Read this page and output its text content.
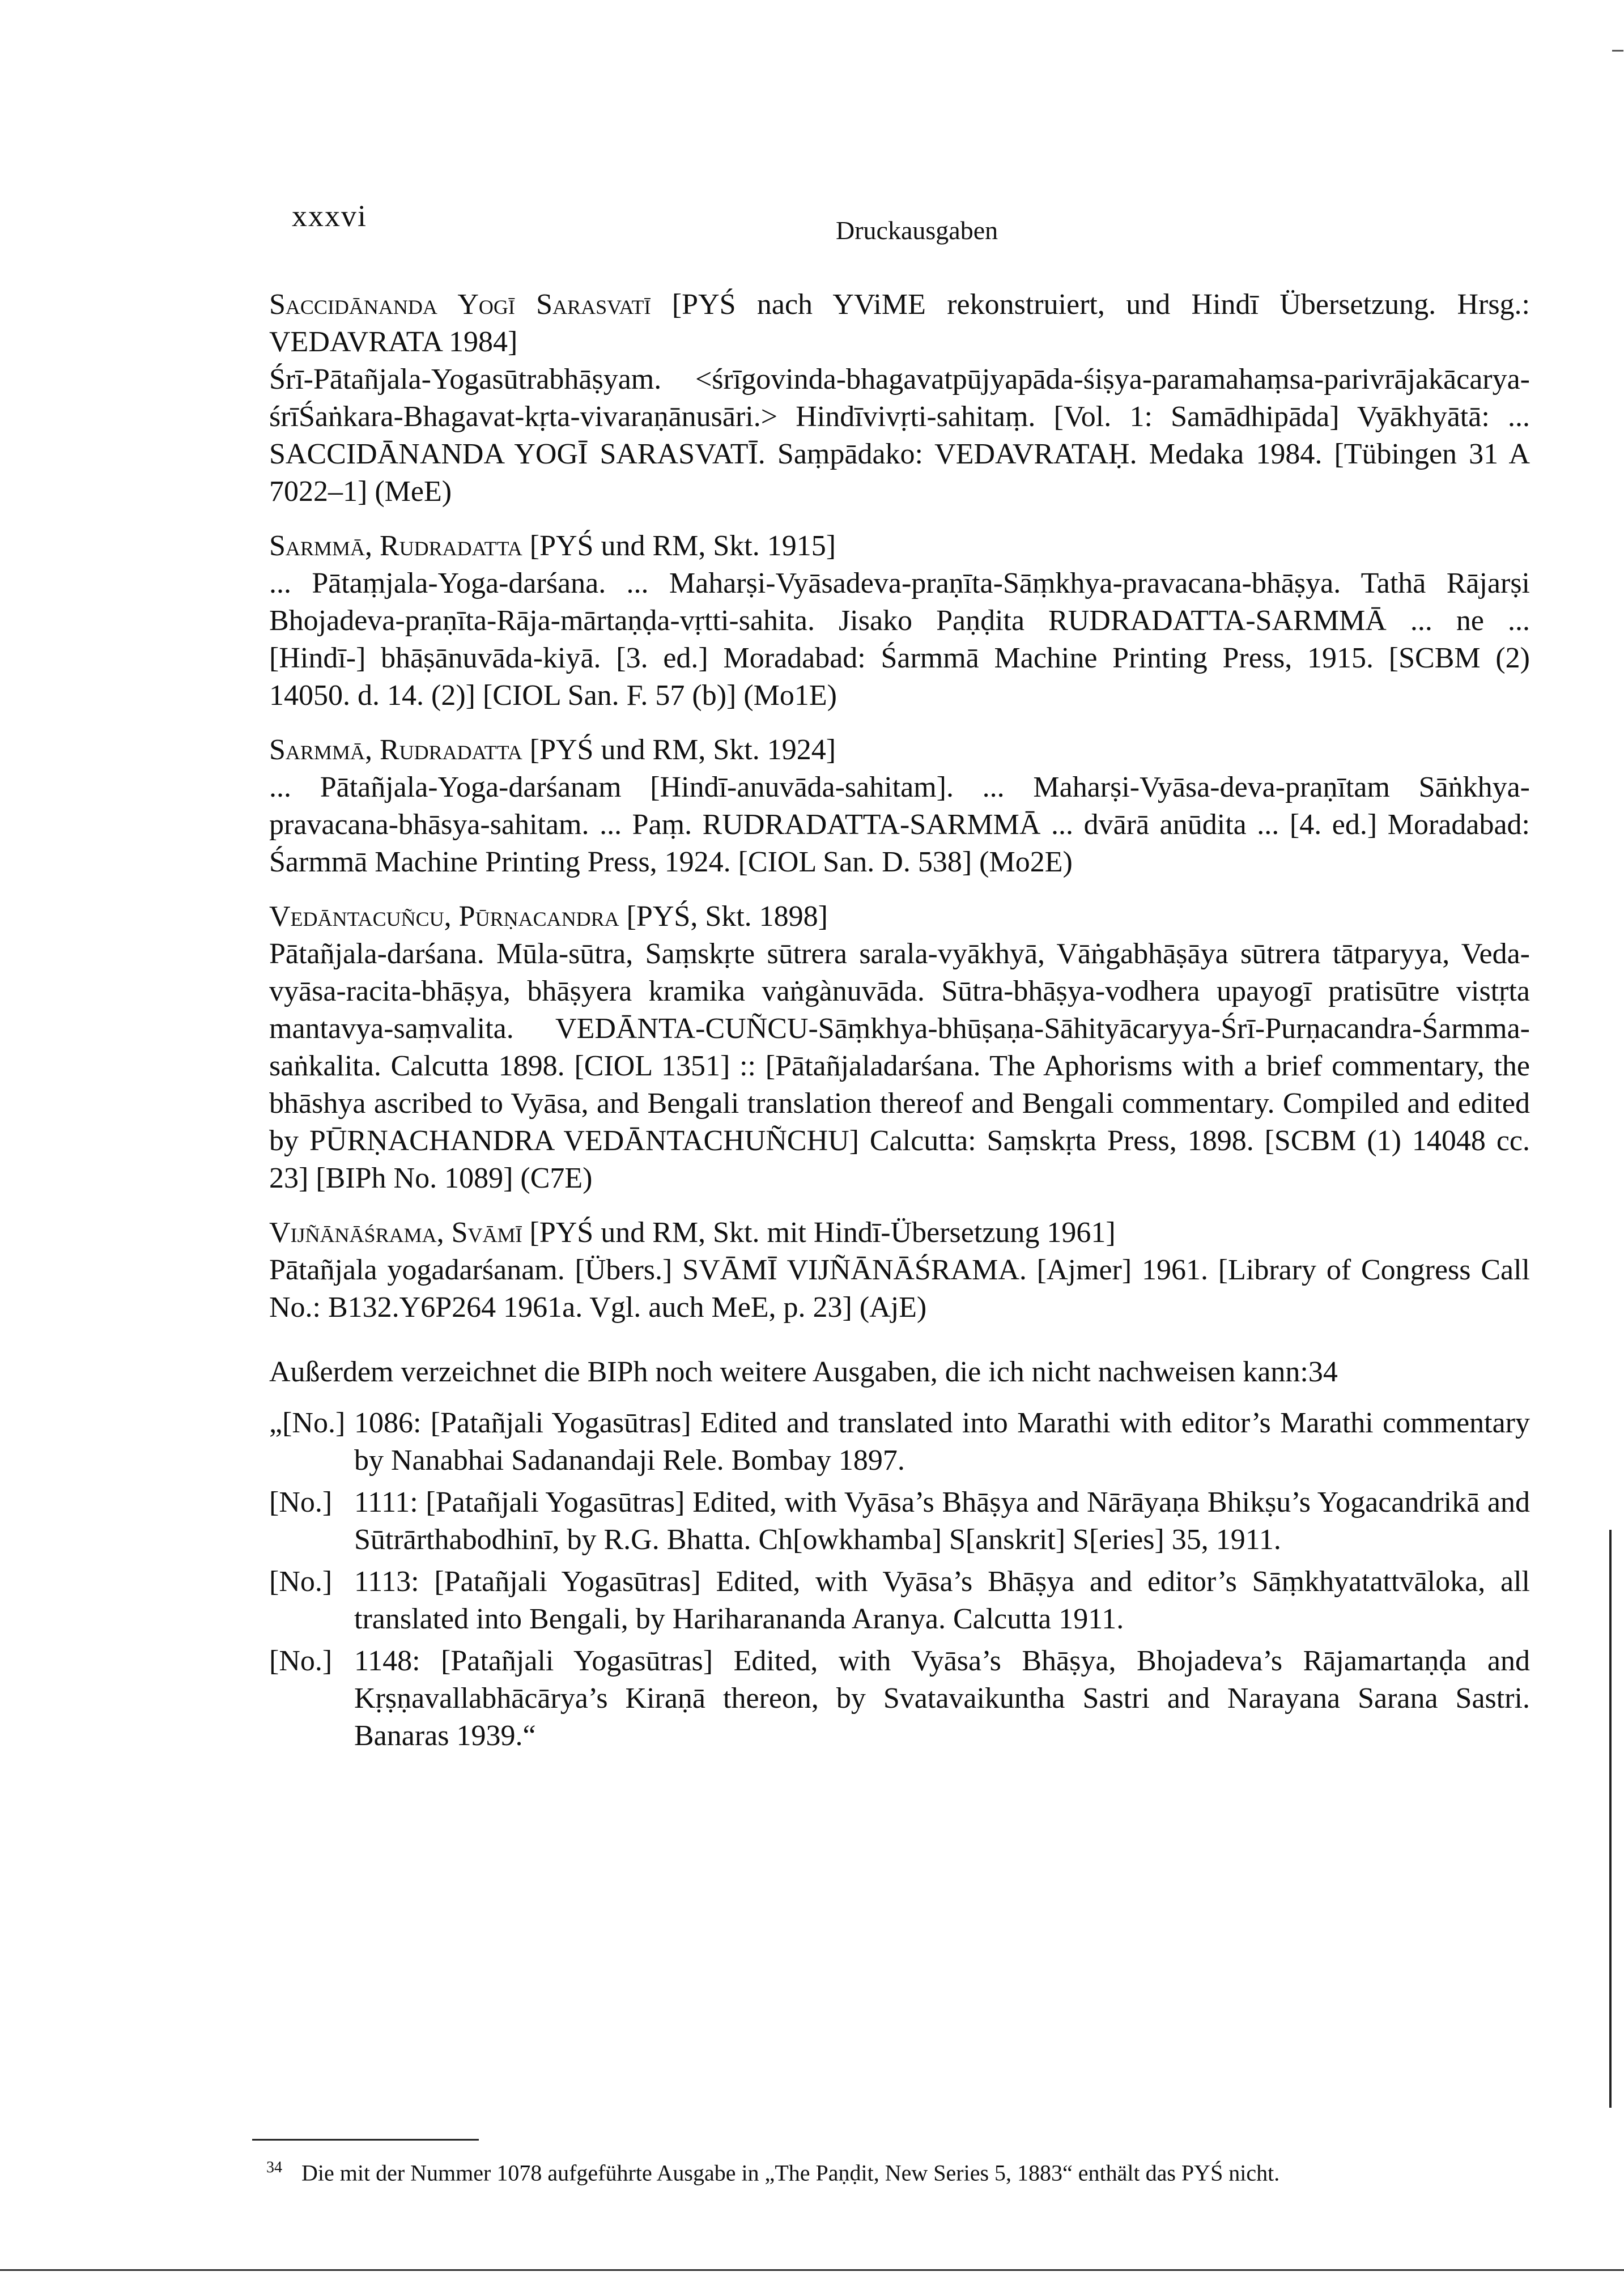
xxxvi	Druckausgaben
Saccidānanda Yogī Sarasvatī [PYŚ nach YViME rekonstruiert, und Hindī Übersetzung. Hrsg.: VEDAVRATA 1984]
Śrī-Pātañjala-Yogasūtrabhāṣyam. <śrīgovinda-bhagavatpūjyapāda-śiṣya-paramahaṃsa-parivrājakācarya-śrīŚaṅkara-Bhagavat-kṛta-vivaraṇānusāri.> Hindīvivṛti-sahitaṃ. [Vol. 1: Samādhipāda] Vyākhyātā: ... SACCIDĀNANDA YOGĪ SARASVATĪ. Saṃpādako: VEDAVRATAḤ. Medaka 1984. [Tübingen 31 A 7022–1] (MeE)
Sarmmā, Rudradatta [PYŚ und RM, Skt. 1915]
... Pātaṃjala-Yoga-darśana. ... Maharṣi-Vyāsadeva-praṇīta-Sāṃkhya-pravacana-bhāṣya. Tathā Rājarṣi Bhojadeva-praṇīta-Rāja-mārtaṇḍa-vṛtti-sahita. Jisako Paṇḍita RUDRADATTA-SARMMĀ ... ne ... [Hindī-] bhāṣānuvāda-kiyā. [3. ed.] Moradabad: Śarmmā Machine Printing Press, 1915. [SCBM (2) 14050. d. 14. (2)] [CIOL San. F. 57 (b)] (Mo1E)
Sarmmā, Rudradatta [PYŚ und RM, Skt. 1924]
... Pātañjala-Yoga-darśanam [Hindī-anuvāda-sahitam]. ... Maharṣi-Vyāsa-deva-praṇītam Sāṅkhya-pravacana-bhāsya-sahitam. ... Paṃ. RUDRADATTA-SARMMĀ ... dvārā anūdita ... [4. ed.] Moradabad: Śarmmā Machine Printing Press, 1924. [CIOL San. D. 538] (Mo2E)
Vedāntacuñcu, Pūrṇacandra [PYŚ, Skt. 1898]
Pātañjala-darśana. Mūla-sūtra, Saṃskṛte sūtrera sarala-vyākhyā, Vāṅgabhāṣāya sūtrera tātparyya, Veda-vyāsa-racita-bhāṣya, bhāṣyera kramika vaṅgànuvāda. Sūtra-bhāṣya-vodhera upayogī pratisūtre vistṛta mantavya-saṃvalita. VEDĀNTA-CUÑCU-Sāṃkhya-bhūṣaṇa-Sāhityācaryya-Śrī-Purṇacandra-Śarmma-saṅkalita. Calcutta 1898. [CIOL 1351] :: [Pātañjaladarśana. The Aphorisms with a brief commentary, the bhāshya ascribed to Vyāsa, and Bengali translation thereof and Bengali commentary. Compiled and edited by PŪRṆACHANDRA VEDĀNTACHUÑCHU] Calcutta: Saṃskṛta Press, 1898. [SCBM (1) 14048 cc. 23] [BIPh No. 1089] (C7E)
Vijñānāśrama, Svāmī [PYŚ und RM, Skt. mit Hindī-Übersetzung 1961]
Pātañjala yogadarśanam. [Übers.] SVĀMĪ VIJÑĀNĀŚRAMA. [Ajmer] 1961. [Library of Congress Call No.: B132.Y6P264 1961a. Vgl. auch MeE, p. 23] (AjE)

Außerdem verzeichnet die BIPh noch weitere Ausgaben, die ich nicht nachweisen kann:34

„[No.] 1086: [Patañjali Yogasūtras] Edited and translated into Marathi with editor’s Marathi commentary by Nanabhai Sadanandaji Rele. Bombay 1897.
[No.] 1111: [Patañjali Yogasūtras] Edited, with Vyāsa’s Bhāṣya and Nārāyaṇa Bhikṣu’s Yogacandrikā and Sūtrārthabodhinī, by R.G. Bhatta. Ch[owkhamba] S[anskrit] S[eries] 35, 1911.
[No.] 1113: [Patañjali Yogasūtras] Edited, with Vyāsa’s Bhāṣya and editor’s Sāṃkhyatattvāloka, all translated into Bengali, by Hariharananda Aranya. Calcutta 1911.
[No.] 1148: [Patañjali Yogasūtras] Edited, with Vyāsa’s Bhāṣya, Bhojadeva’s Rājamartaṇḍa and Kṛṣṇavallabhācārya’s Kiraṇā thereon, by Svatavaikuntha Sastri and Narayana Sarana Sastri. Banaras 1939.“
$^{34}$ Die mit der Nummer 1078 aufgeführte Ausgabe in „The Paṇḍit, New Series 5, 1883“ enthält das PYŚ nicht.
